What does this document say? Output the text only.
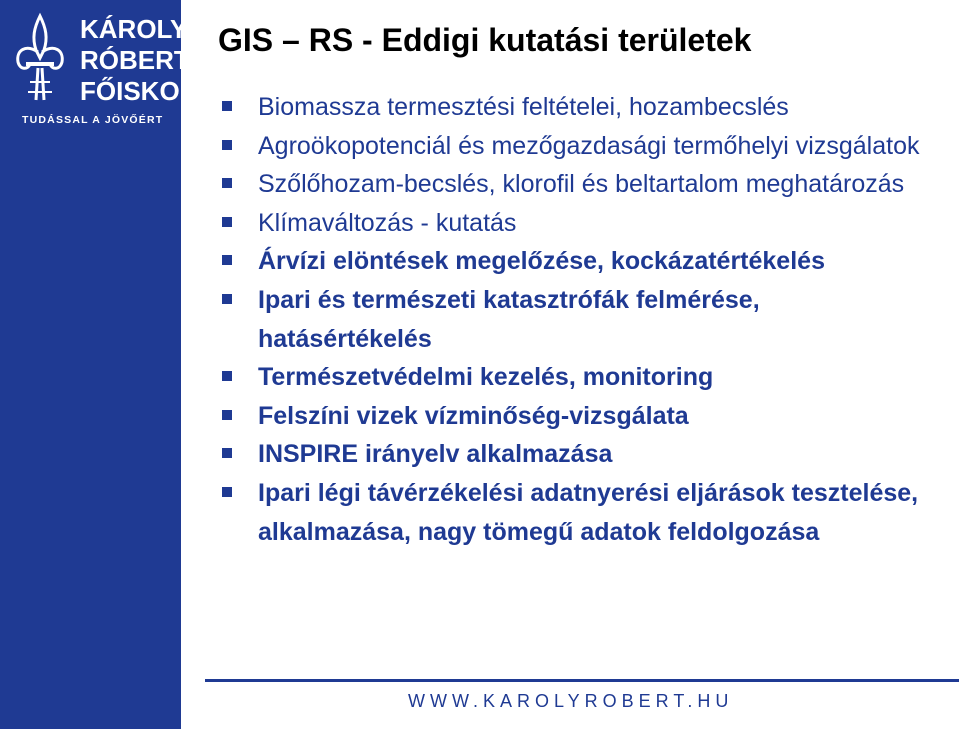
KÁROLY
RÓBERT
FŐISKOLA
TUDÁSSAL A JÖVŐÉRT
GIS – RS - Eddigi kutatási területek
Biomassza termesztési feltételei, hozambecslés
Agroökopotenciál és mezőgazdasági termőhelyi vizsgálatok
Szőlőhozam-becslés, klorofil és beltartalom meghatározás
Klímaváltozás - kutatás
Árvízi elöntések megelőzése, kockázatértékelés
Ipari és természeti katasztrófák felmérése, hatásértékelés
Természetvédelmi kezelés, monitoring
Felszíni vizek vízminőség-vizsgálata
INSPIRE irányelv alkalmazása
Ipari légi távérzékelési adatnyerési eljárások tesztelése, alkalmazása, nagy tömegű adatok feldolgozása
WWW.KAROLYROBERT.HU
